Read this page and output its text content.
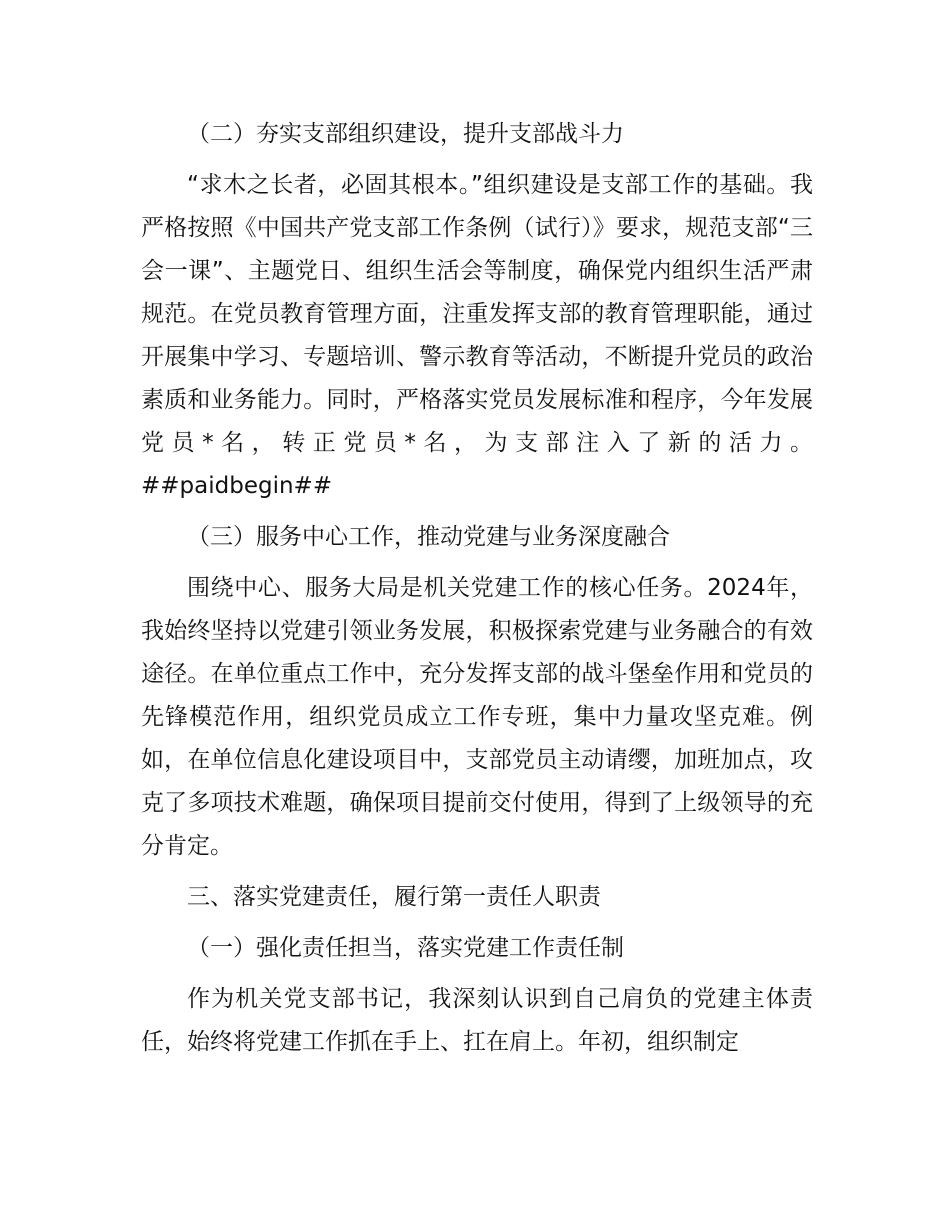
（二）夯实支部组织建设，提升支部战斗力

“求木之长者，必固其根本。”组织建设是支部工作的基础。我严格按照《中国共产党支部工作条例（试行）》要求，规范支部“三会一课”、主题党日、组织生活会等制度，确保党内组织生活严肃规范。在党员教育管理方面，注重发挥支部的教育管理职能，通过开展集中学习、专题培训、警示教育等活动，不断提升党员的政治素质和业务能力。同时，严格落实党员发展标准和程序，今年发展党员*名，转正党员*名，为支部注入了新的活力。##paidbegin##

（三）服务中心工作，推动党建与业务深度融合

围绕中心、服务大局是机关党建工作的核心任务。2024年，我始终坚持以党建引领业务发展，积极探索党建与业务融合的有效途径。在单位重点工作中，充分发挥支部的战斗堡垒作用和党员的先锋模范作用，组织党员成立工作专班，集中力量攻坚克难。例如，在单位信息化建设项目中，支部党员主动请缨，加班加点，攻克了多项技术难题，确保项目提前交付使用，得到了上级领导的充分肯定。

三、落实党建责任，履行第一责任人职责

（一）强化责任担当，落实党建工作责任制

作为机关党支部书记，我深刻认识到自己肩负的党建主体责任，始终将党建工作抓在手上、扛在肩上。年初，组织制定
